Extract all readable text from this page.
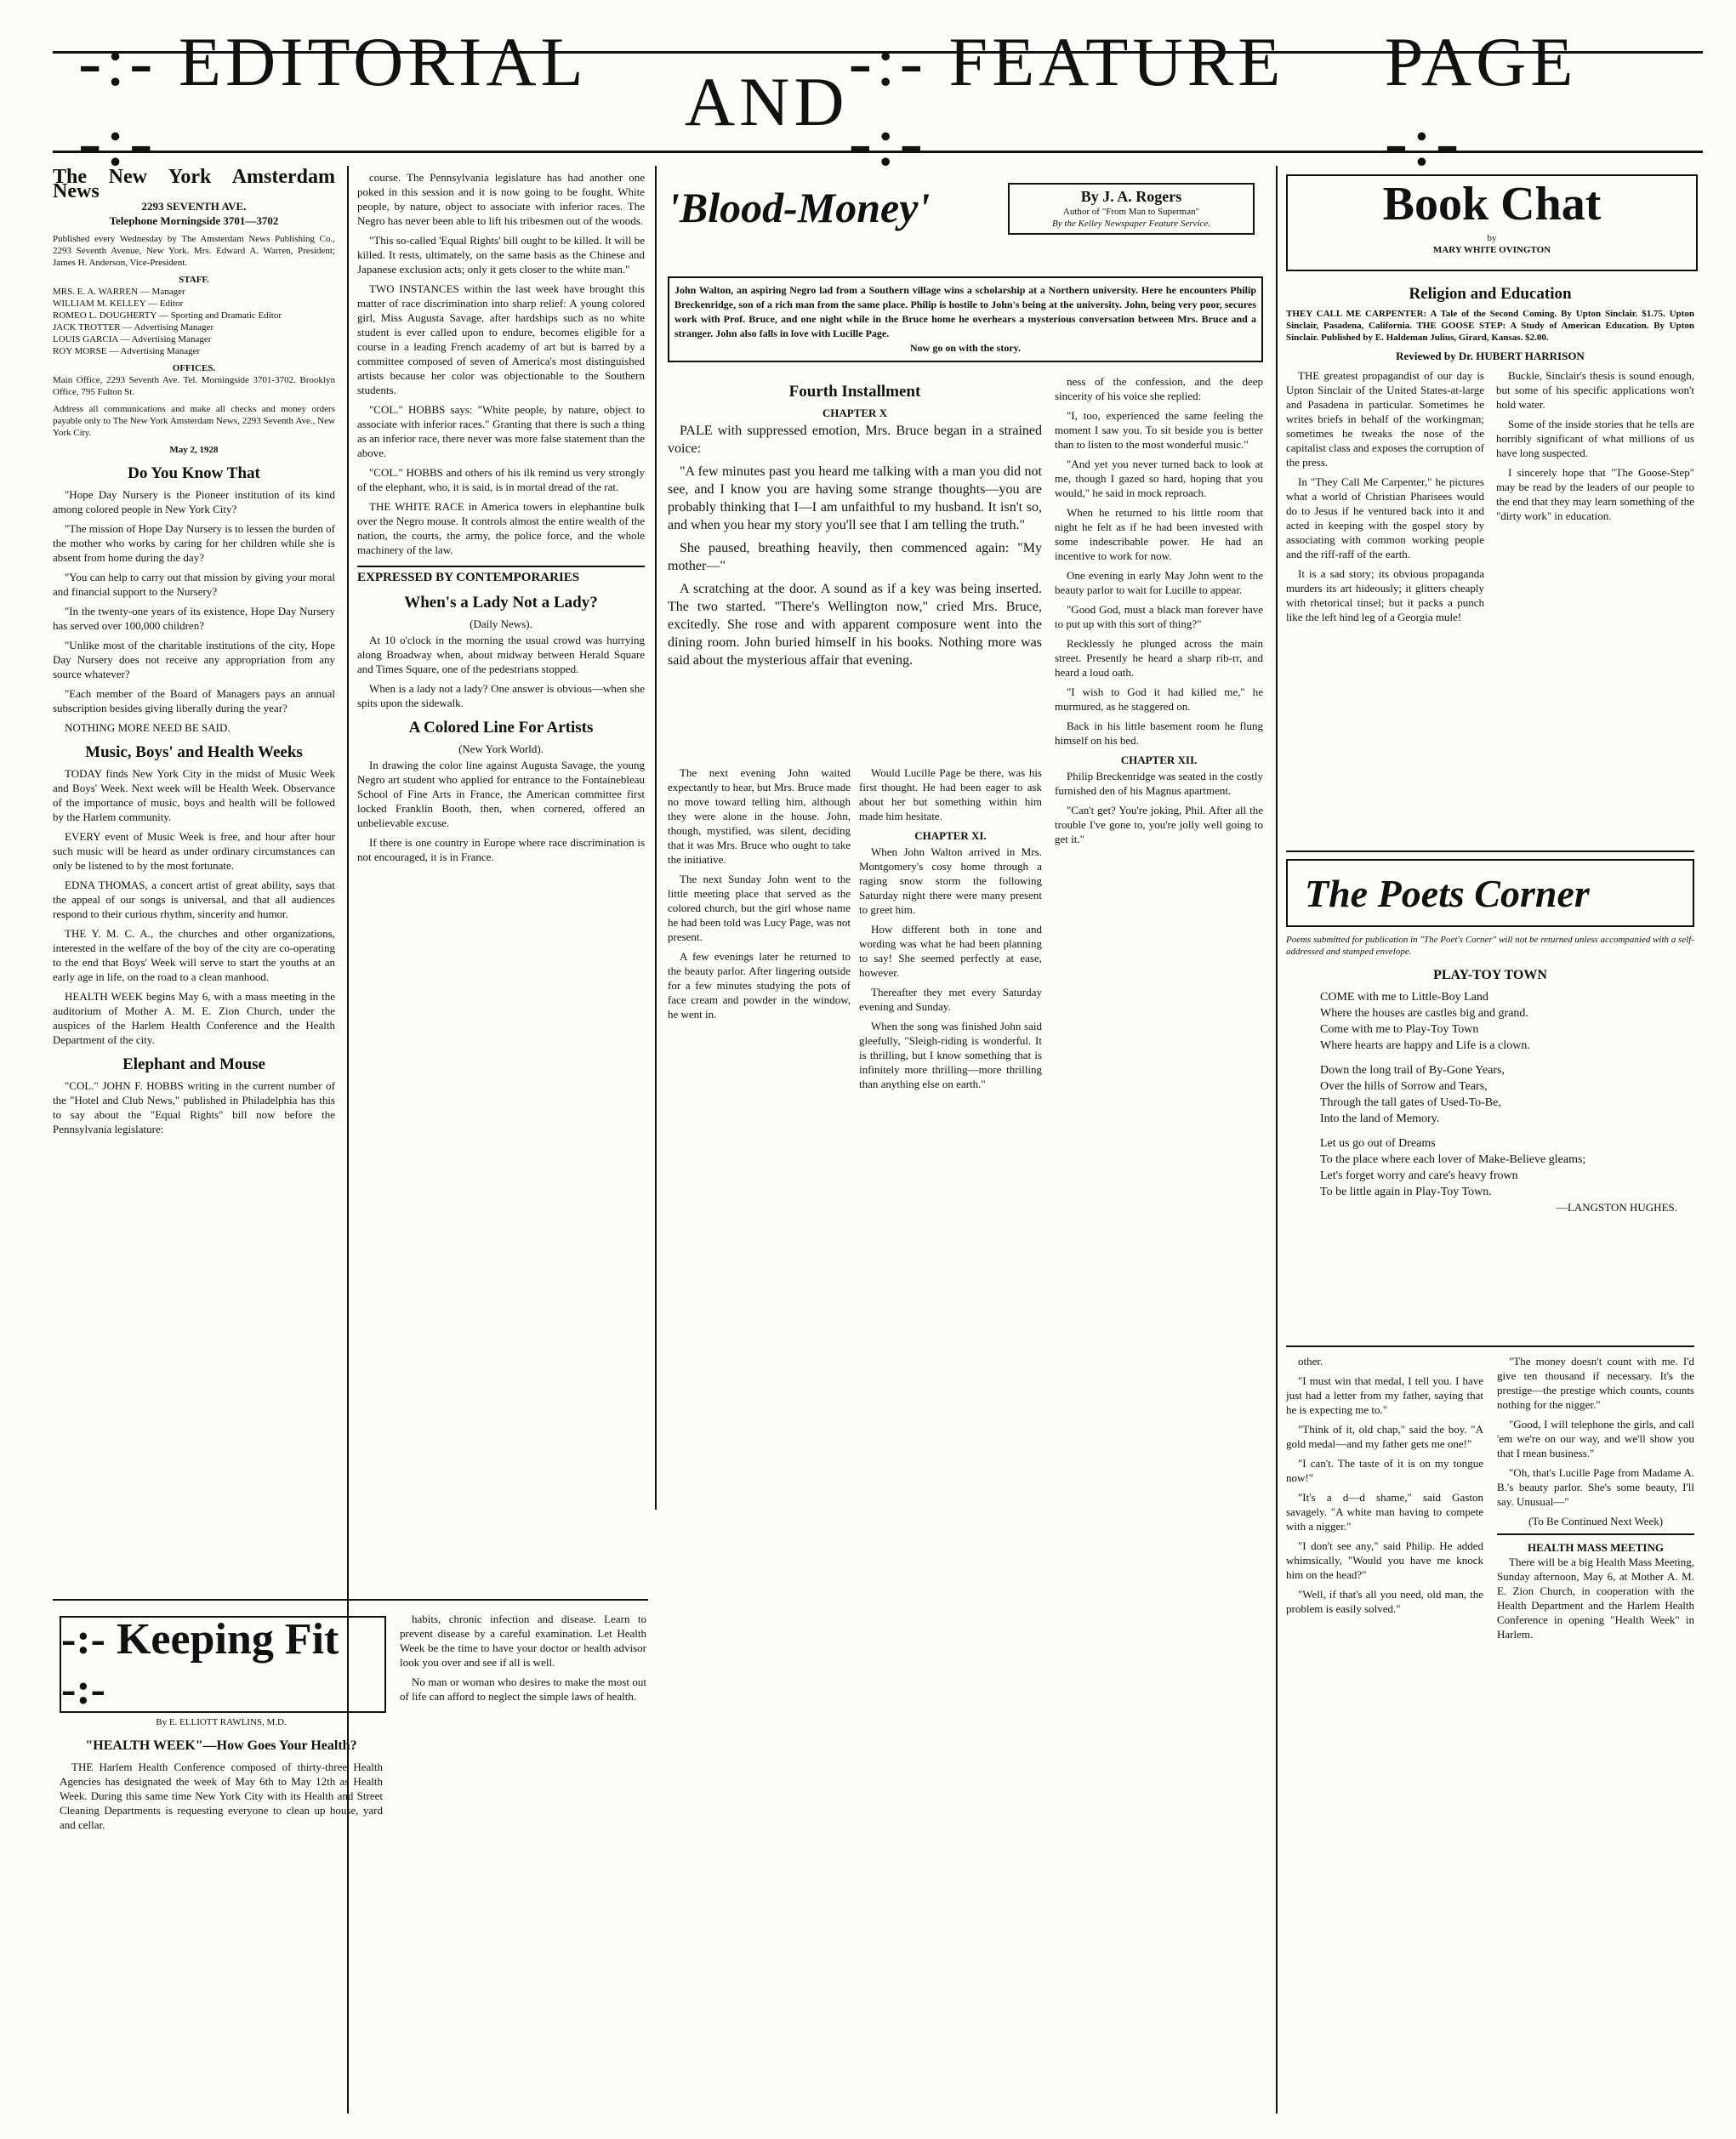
-:- EDITORIAL -:-
AND
-:- FEATURE -:-
PAGE -:-
The New York Amsterdam News
2293 SEVENTH AVE.
Telephone Morningside 3701—3702
Published every Wednesday by The Amsterdam News Publishing Co., 2293 Seventh Avenue, New York. Mrs. Edward A. Warren, President; James H. Anderson, Vice-President.
STAFF.
MRS. E. A. WARREN — Manager
WILLIAM M. KELLEY — Editor
ROMEO L. DOUGHERTY — Sporting and Dramatic Editor
JACK TROTTER — Advertising Manager
LOUIS GARCIA — Advertising Manager
ROY MORSE — Advertising Manager
OFFICES.
Main Office, 2293 Seventh Ave. Tel. Morningside 3701-3702. Brooklyn Office, 795 Fulton St.
Address all communications and make all checks and money orders payable only to The New York Amsterdam News, 2293 Seventh Ave., New York City.
May 2, 1928
Do You Know That

"Hope Day Nursery is the Pioneer institution of its kind among colored people in New York City?

"The mission of Hope Day Nursery is to lessen the burden of the mother who works by caring for her children while she is absent from home during the day?

"You can help to carry out that mission by giving your moral and financial support to the Nursery?

"In the twenty-one years of its existence, Hope Day Nursery has served over 100,000 children?

"Unlike most of the charitable institutions of the city, Hope Day Nursery does not receive any appropriation from any source whatever?

"Each member of the Board of Managers pays an annual subscription besides giving liberally during the year?

NOTHING MORE NEED BE SAID.

Music, Boys' and Health Weeks

TODAY finds New York City in the midst of Music Week and Boys' Week. Next week will be Health Week. Observance of the importance of music, boys and health will be followed by the Harlem community.

EVERY event of Music Week is free, and hour after hour such music will be heard as under ordinary circumstances can only be listened to by the most fortunate.

EDNA THOMAS, a concert artist of great ability, says that the appeal of our songs is universal, and that all audiences respond to their curious rhythm, sincerity and humor.

THE Y. M. C. A., the churches and other organizations, interested in the welfare of the boy of the city are co-operating to the end that Boys' Week will serve to start the youths at an early age in life, on the road to a clean manhood.

HEALTH WEEK begins May 6, with a mass meeting in the auditorium of Mother A. M. E. Zion Church, under the auspices of the Harlem Health Conference and the Health Department of the city.

Elephant and Mouse

"COL." JOHN F. HOBBS writing in the current number of the "Hotel and Club News," published in Philadelphia has this to say about the "Equal Rights" bill now before the Pennsylvania legislature:

course. The Pennsylvania legislature has had another one poked in this session and it is now going to be fought. White people, by nature, object to associate with inferior races. The Negro has never been able to lift his tribesmen out of the woods.

"This so-called 'Equal Rights' bill ought to be killed. It will be killed. It rests, ultimately, on the same basis as the Chinese and Japanese exclusion acts; only it gets closer to the white man."

TWO INSTANCES within the last week have brought this matter of race discrimination into sharp relief: A young colored girl, Miss Augusta Savage, after hardships such as no white student is ever called upon to endure, becomes eligible for a course in a leading French academy of art but is barred by a committee composed of seven of America's most distinguished artists because her color was objectionable to the Southern students.

"COL." HOBBS says: "White people, by nature, object to associate with inferior races." Granting that there is such a thing as an inferior race, there never was more false statement than the above.

"COL." HOBBS and others of his ilk remind us very strongly of the elephant, who, it is said, is in mortal dread of the rat.

THE WHITE RACE in America towers in elephantine bulk over the Negro mouse. It controls almost the entire wealth of the nation, the courts, the army, the police force, and the whole machinery of the law.

EXPRESSED BY CONTEMPORARIES
When's a Lady Not a Lady?
(Daily News).

At 10 o'clock in the morning the usual crowd was hurrying along Broadway when, about midway between Herald Square and Times Square, one of the pedestrians stopped.

When is a lady not a lady? One answer is obvious—when she spits upon the sidewalk.

A Colored Line For Artists
(New York World).

In drawing the color line against Augusta Savage, the young Negro art student who applied for entrance to the Fontainebleau School of Fine Arts in France, the American committee first locked Franklin Booth, then, when cornered, offered an unbelievable excuse.

If there is one country in Europe where race discrimination is not encouraged, it is in France.

-:- Keeping Fit -:-
By E. ELLIOTT RAWLINS, M.D.
"HEALTH WEEK"—How Goes Your Health?

THE Harlem Health Conference composed of thirty-three Health Agencies has designated the week of May 6th to May 12th as Health Week. During this same time New York City with its Health and Street Cleaning Departments is requesting everyone to clean up house, yard and cellar.

habits, chronic infection and disease. Learn to prevent disease by a careful examination. Let Health Week be the time to have your doctor or health advisor look you over and see if all is well.

No man or woman who desires to make the most out of life can afford to neglect the simple laws of health.

'Blood-Money'	By J. A. Rogers
Author of "From Man to Superman"
By the Kelley Newspaper Feature Service.
John Walton, an aspiring Negro lad from a Southern village wins a scholarship at a Northern university. Here he encounters Philip Breckenridge, son of a rich man from the same place. Philip is hostile to John's being at the university. John, being very poor, secures work with Prof. Bruce, and one night while in the Bruce home he overhears a mysterious conversation between Mrs. Bruce and a stranger. John also falls in love with Lucille Page.
Now go on with the story.
Fourth Installment
CHAPTER X

PALE with suppressed emotion, Mrs. Bruce began in a strained voice:

"A few minutes past you heard me talking with a man you did not see, and I know you are having some strange thoughts—you are probably thinking that I—I am unfaithful to my husband. It isn't so, and when you hear my story you'll see that I am telling the truth."

She paused, breathing heavily, then commenced again: "My mother—"

A scratching at the door. A sound as if a key was being inserted. The two started. "There's Wellington now," cried Mrs. Bruce, excitedly. She rose and with apparent composure went into the dining room. John buried himself in his books. Nothing more was said about the mysterious affair that evening.

The next evening John waited expectantly to hear, but Mrs. Bruce made no move toward telling him, although they were alone in the house. John, though, mystified, was silent, deciding that it was Mrs. Bruce who ought to take the initiative.

The next Sunday John went to the little meeting place that served as the colored church, but the girl whose name he had been told was Lucy Page, was not present.

A few evenings later he returned to the beauty parlor. After lingering outside for a few minutes studying the pots of face cream and powder in the window, he went in.

Would Lucille Page be there, was his first thought. He had been eager to ask about her but something within him made him hesitate.

CHAPTER XI.

When John Walton arrived in Mrs. Montgomery's cosy home through a raging snow storm the following Saturday night there were many present to greet him.

How different both in tone and wording was what he had been planning to say! She seemed perfectly at ease, however.

Thereafter they met every Saturday evening and Sunday.

When the song was finished John said gleefully, "Sleigh-riding is wonderful. It is thrilling, but I know something that is infinitely more thrilling—more thrilling than anything else on earth."

ness of the confession, and the deep sincerity of his voice she replied:

"I, too, experienced the same feeling the moment I saw you. To sit beside you is better than to listen to the most wonderful music."

"And yet you never turned back to look at me, though I gazed so hard, hoping that you would," he said in mock reproach.

When he returned to his little room that night he felt as if he had been invested with some indescribable power. He had an incentive to work for now.

One evening in early May John went to the beauty parlor to wait for Lucille to appear.

"Good God, must a black man forever have to put up with this sort of thing?"

Recklessly he plunged across the main street. Presently he heard a sharp rib-rr, and heard a loud oath.

"I wish to God it had killed me," he murmured, as he staggered on.

Back in his little basement room he flung himself on his bed.

CHAPTER XII.

Philip Breckenridge was seated in the costly furnished den of his Magnus apartment.

"Can't get? You're joking, Phil. After all the trouble I've gone to, you're jolly well going to get it."

Book Chat
by
MARY WHITE OVINGTON
Religion and Education
THEY CALL ME CARPENTER: A Tale of the Second Coming. By Upton Sinclair. $1.75. Upton Sinclair, Pasadena, California. THE GOOSE STEP: A Study of American Education. By Upton Sinclair. Published by E. Haldeman Julius, Girard, Kansas. $2.00.
Reviewed by Dr. HUBERT HARRISON

THE greatest propagandist of our day is Upton Sinclair of the United States-at-large and Pasadena in particular. Sometimes he writes briefs in behalf of the workingman; sometimes he tweaks the nose of the capitalist class and exposes the corruption of the press.

In "They Call Me Carpenter," he pictures what a world of Christian Pharisees would do to Jesus if he ventured back into it and acted in keeping with the gospel story by associating with common working people and the riff-raff of the earth.

It is a sad story; its obvious propaganda murders its art hideously; it glitters cheaply with rhetorical tinsel; but it packs a punch like the left hind leg of a Georgia mule!

Buckle, Sinclair's thesis is sound enough, but some of his specific applications won't hold water.

Some of the inside stories that he tells are horribly significant of what millions of us have long suspected.

I sincerely hope that "The Goose-Step" may be read by the leaders of our people to the end that they may learn something of the "dirty work" in education.

The Poets Corner
Poems submitted for publication in "The Poet's Corner" will not be returned unless accompanied with a self-addressed and stamped envelope.
PLAY-TOY TOWN
COME with me to Little-Boy Land
Where the houses are castles big and grand.
Come with me to Play-Toy Town
Where hearts are happy and Life is a clown.
Down the long trail of By-Gone Years,
Over the hills of Sorrow and Tears,
Through the tall gates of Used-To-Be,
Into the land of Memory.
Let us go out of Dreams
To the place where each lover of Make-Believe gleams;
Let's forget worry and care's heavy frown
To be little again in Play-Toy Town.
—LANGSTON HUGHES.

other.

"I must win that medal, I tell you. I have just had a letter from my father, saying that he is expecting me to."

"Think of it, old chap," said the boy. "A gold medal—and my father gets me one!"

"I can't. The taste of it is on my tongue now!"

"It's a d—d shame," said Gaston savagely. "A white man having to compete with a nigger."

"I don't see any," said Philip. He added whimsically, "Would you have me knock him on the head?"

"Well, if that's all you need, old man, the problem is easily solved."

"The money doesn't count with me. I'd give ten thousand if necessary. It's the prestige—the prestige which counts, counts nothing for the nigger."

"Good, I will telephone the girls, and call 'em we're on our way, and we'll show you that I mean business."

"Oh, that's Lucille Page from Madame A. B.'s beauty parlor. She's some beauty, I'll say. Unusual—"

(To Be Continued Next Week)
HEALTH MASS MEETING

There will be a big Health Mass Meeting, Sunday afternoon, May 6, at Mother A. M. E. Zion Church, in cooperation with the Health Department and the Harlem Health Conference in opening "Health Week" in Harlem.
